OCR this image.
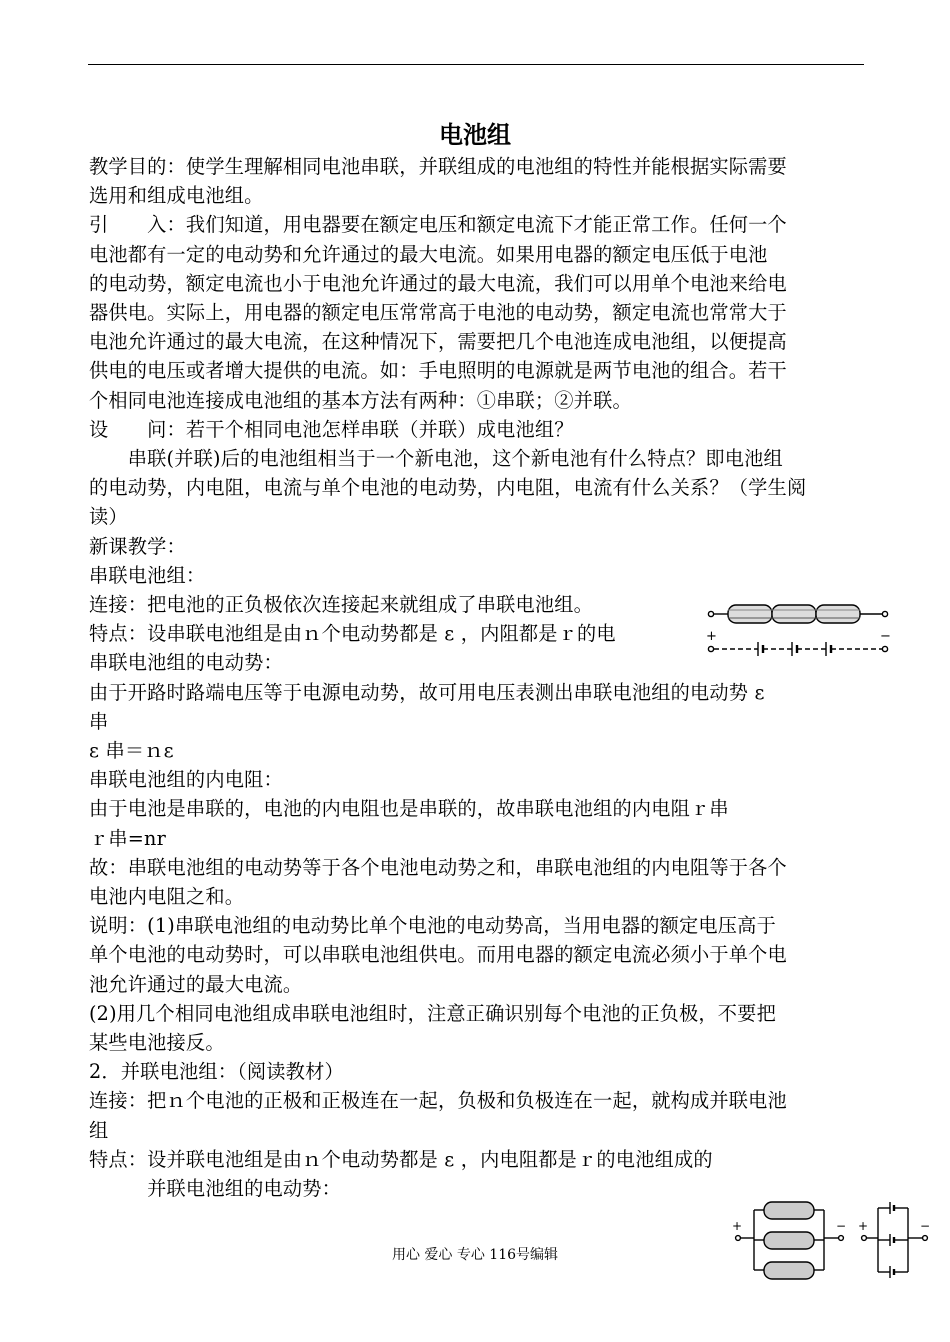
电池组
教学目的：使学生理解相同电池串联，并联组成的电池组的特性并能根据实际需要
选用和组成电池组。
引　　入：我们知道，用电器要在额定电压和额定电流下才能正常工作。任何一个
电池都有一定的电动势和允许通过的最大电流。如果用电器的额定电压低于电池
的电动势，额定电流也小于电池允许通过的最大电流，我们可以用单个电池来给电
器供电。实际上，用电器的额定电压常常高于电池的电动势，额定电流也常常大于
电池允许通过的最大电流，在这种情况下，需要把几个电池连成电池组，以便提高
供电的电压或者增大提供的电流。如：手电照明的电源就是两节电池的组合。若干
个相同电池连接成电池组的基本方法有两种：①串联；②并联。
设　　问：若干个相同电池怎样串联（并联）成电池组？
　　串联(并联)后的电池组相当于一个新电池，这个新电池有什么特点？即电池组
的电动势，内电阻，电流与单个电池的电动势，内电阻，电流有什么关系？（学生阅
读）
新课教学：
串联电池组：
连接：把电池的正负极依次连接起来就组成了串联电池组。
特点：设串联电池组是由ｎ个电动势都是 ε ，内阻都是ｒ的电
串联电池组的电动势：
由于开路时路端电压等于电源电动势，故可用电压表测出串联电池组的电动势 ε
串
ε 串＝ｎε
串联电池组的内电阻：
由于电池是串联的，电池的内电阻也是串联的，故串联电池组的内电阻ｒ串
ｒ串=nr
故：串联电池组的电动势等于各个电池电动势之和，串联电池组的内电阻等于各个
电池内电阻之和。
说明：(1)串联电池组的电动势比单个电池的电动势高，当用电器的额定电压高于
单个电池的电动势时，可以串联电池组供电。而用电器的额定电流必须小于单个电
池允许通过的最大电流。
(2)用几个相同电池组成串联电池组时，注意正确识别每个电池的正负极，不要把
某些电池接反。
2．并联电池组：（阅读教材）
连接：把ｎ个电池的正极和正极连在一起，负极和负极连在一起，就构成并联电池
组
特点：设并联电池组是由ｎ个电动势都是 ε ，内电阻都是ｒ的电池组成的
　　　并联电池组的电动势：
+	−
+	− +	−
用心 爱心 专心 116号编辑
